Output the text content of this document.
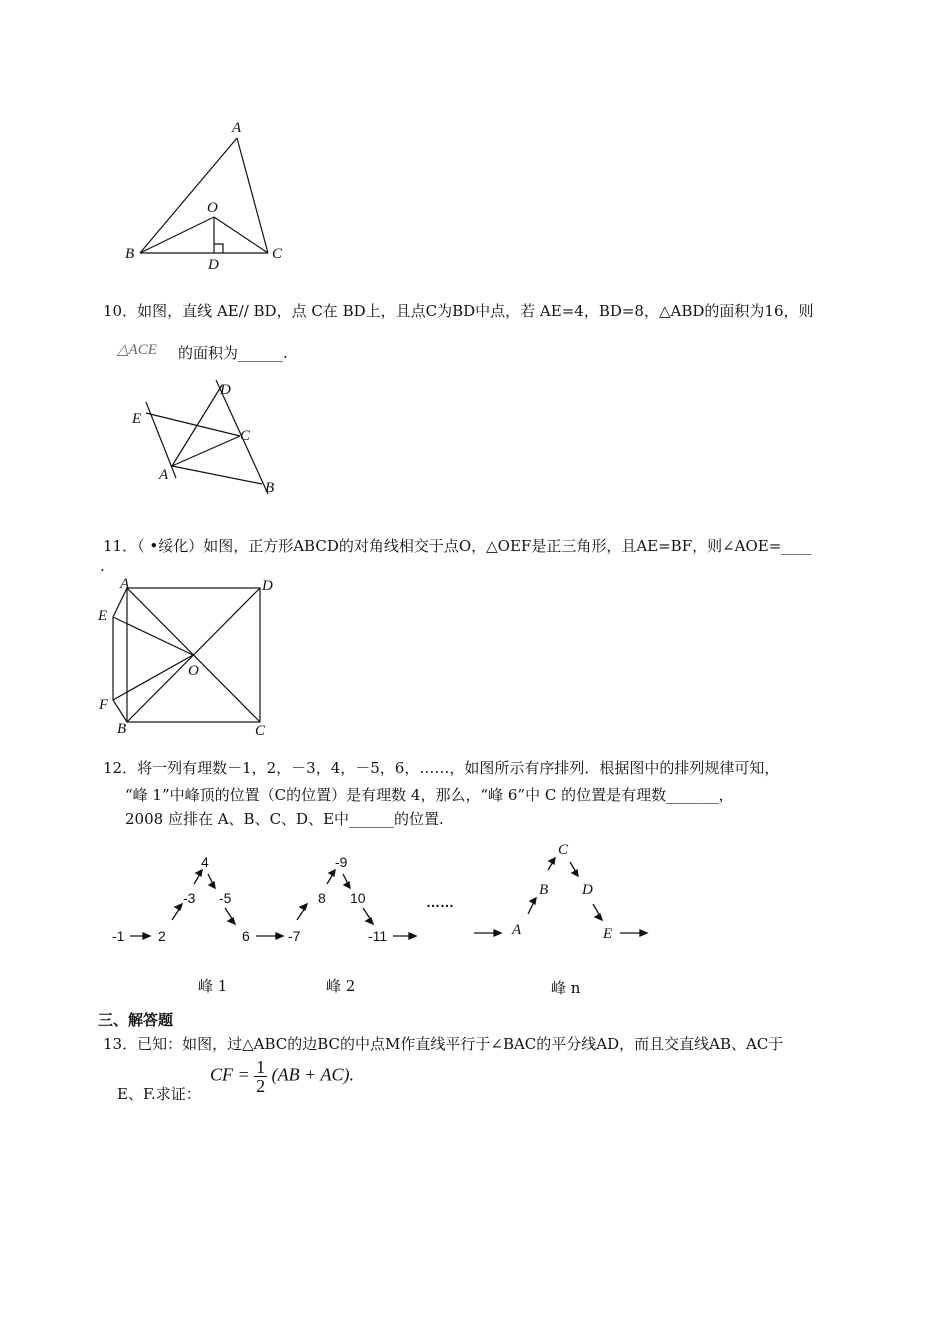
A
O
B
D
C
10．如图，直线 AE// BD，点 C在 BD上，且点C为BD中点，若 AE=4，BD=8，△ABD的面积为16，则
△ACE 的面积为______.
E
D
C
A
B
11．（ •绥化）如图，正方形ABCD的对角线相交于点O，△OEF是正三角形，且AE=BF，则∠AOE=____
.
A	D
E
O
F
B	C
12．将一列有理数－1，2，－3，4，－5，6，……，如图所示有序排列．根据图中的排列规律可知，
“峰 1”中峰顶的位置（C的位置）是有理数 4，那么，“峰 6”中 C 的位置是有理数_______，
2008 应排在 A、B、C、D、E中______的位置.
-1 2
-3
4
-5
6	-7
8
-9
10
-11
……
A
B
C
D
E
峰 1	峰 2	峰 n
三、解答题
13．已知：如图，过△ABC的边BC的中点M作直线平行于∠BAC的平分线AD，而且交直线AB、AC于
E、F.求证：
CF = $\frac{1}{2} (AB + AC)$.
